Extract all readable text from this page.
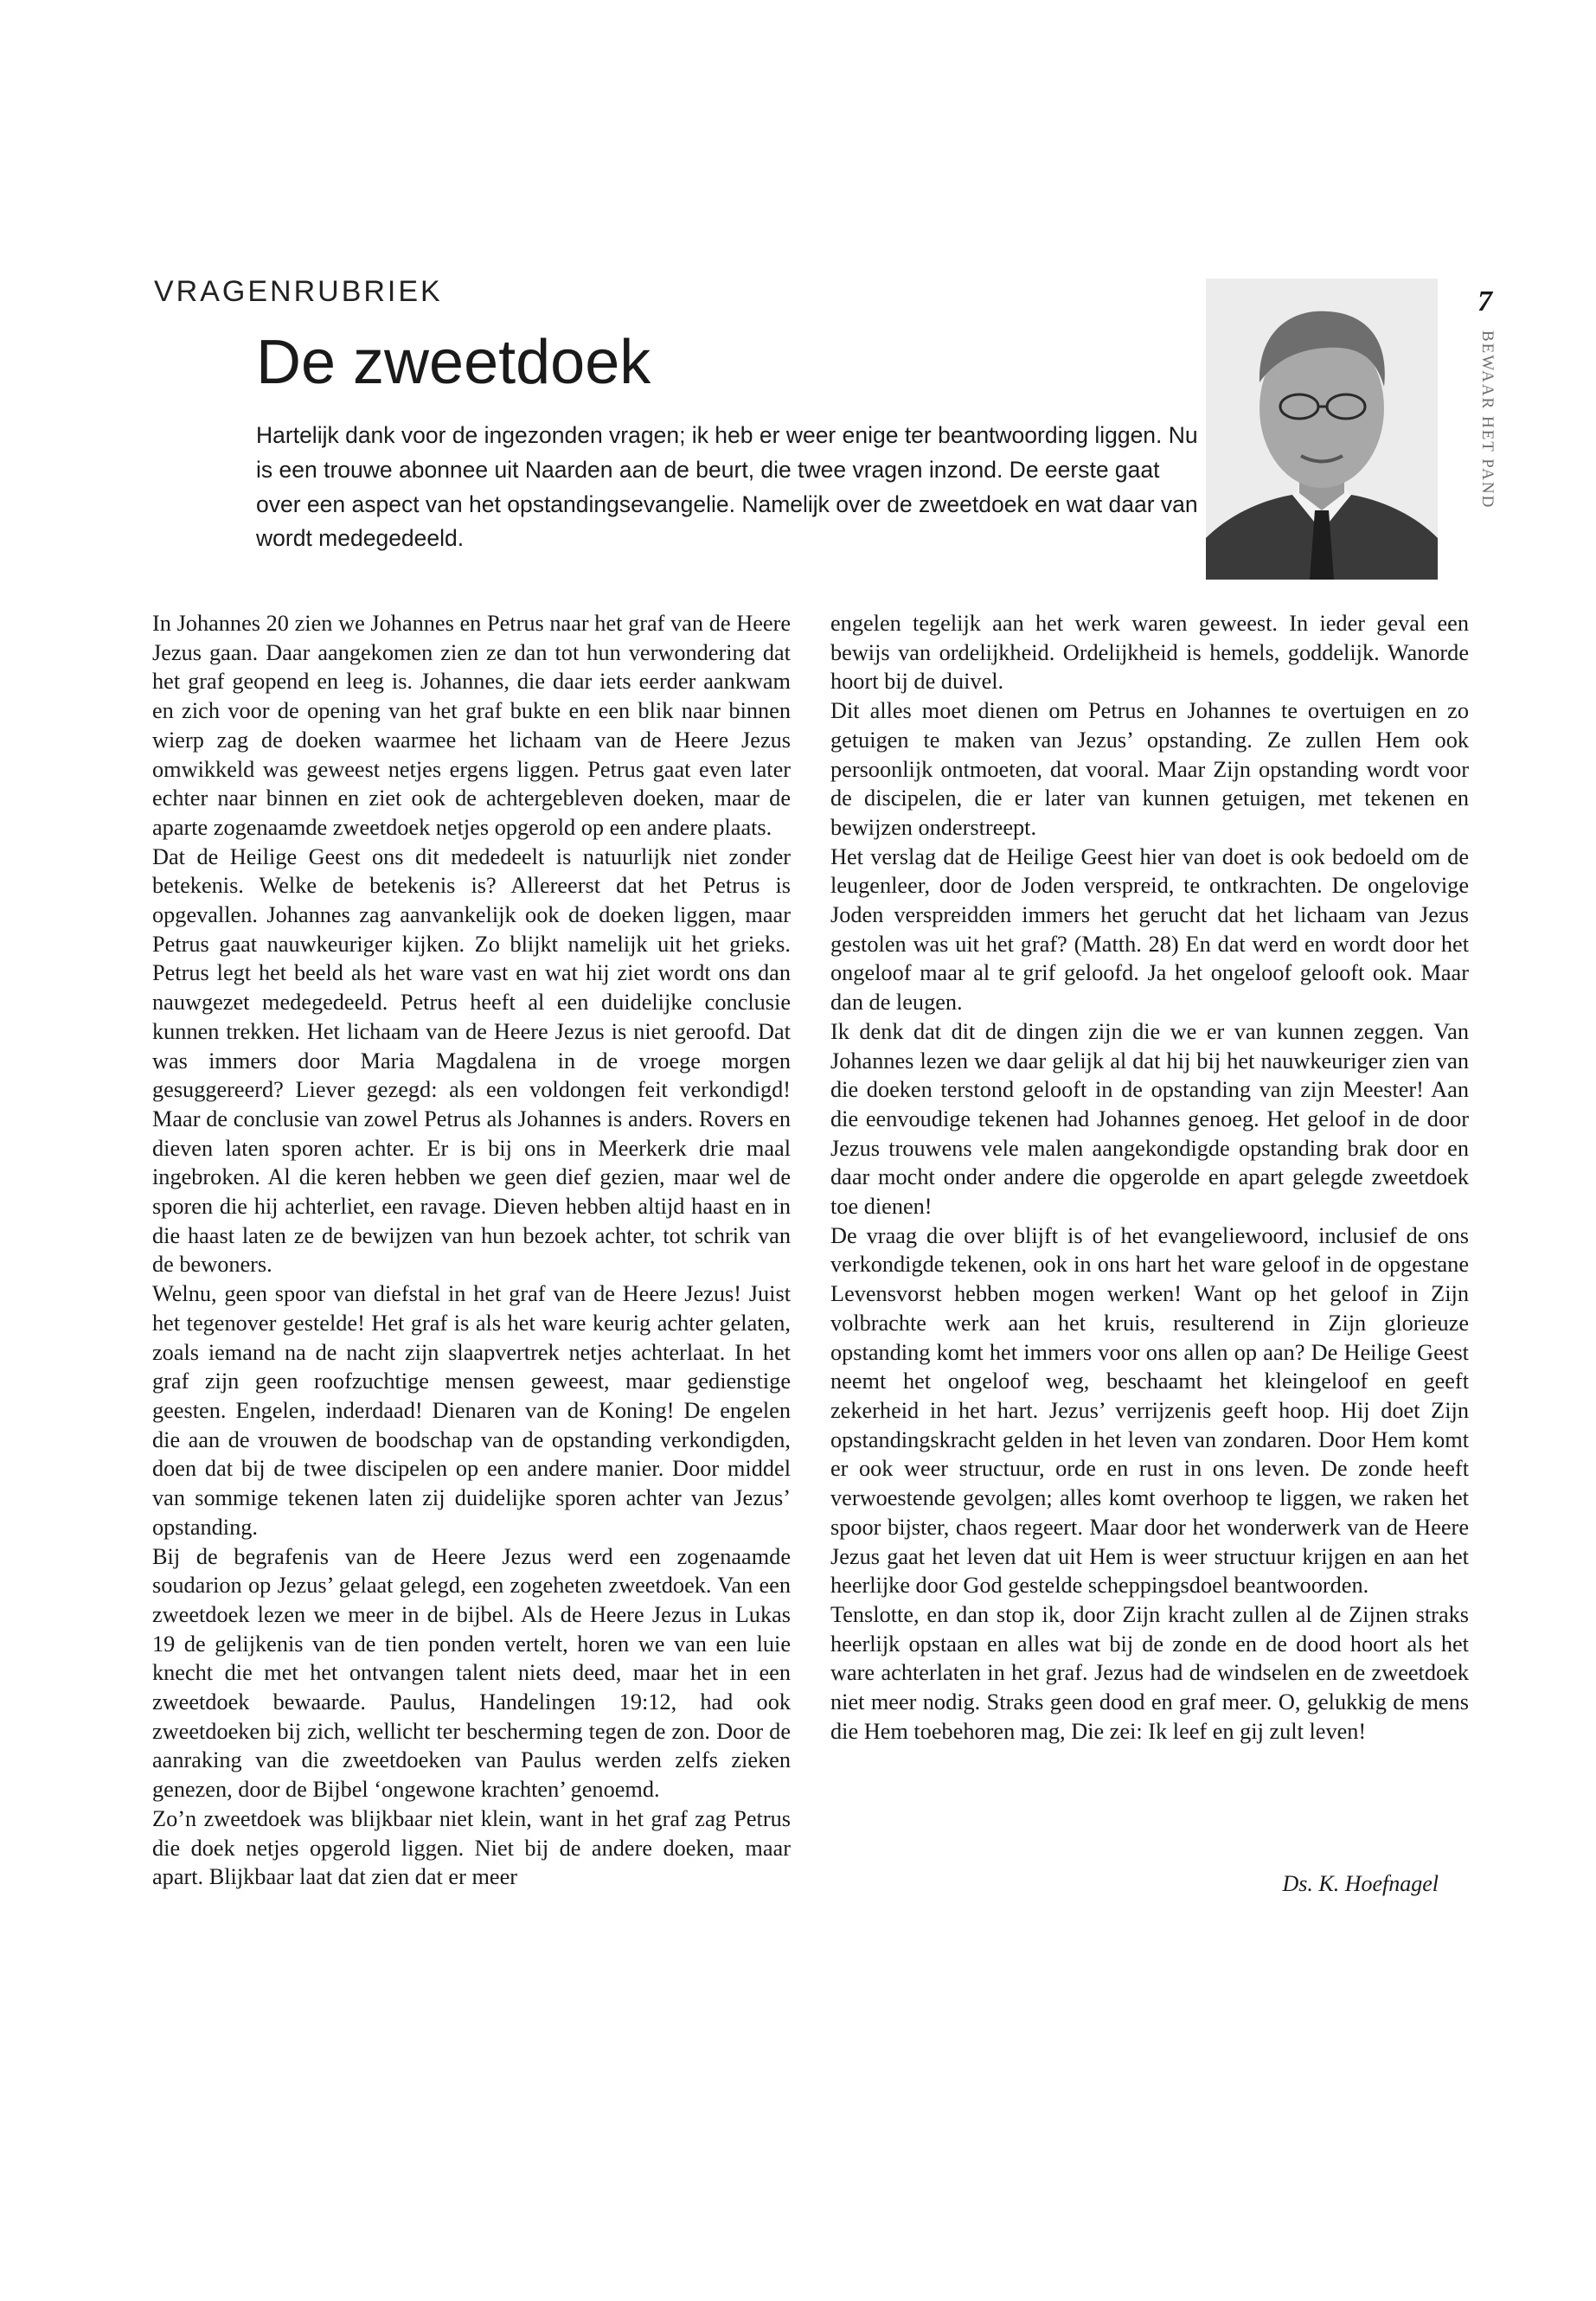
VRAGENRUBRIEK
De zweetdoek

Hartelijk dank voor de ingezonden vragen; ik heb er weer enige ter beantwoording liggen. Nu is een trouwe abonnee uit Naarden aan de beurt, die twee vragen inzond. De eerste gaat over een aspect van het opstandingsevangelie. Namelijk over de zweetdoek en wat daar van wordt medegedeeld.

7
BEWAAR HET PAND

In Johannes 20 zien we Johannes en Petrus naar het graf van de Heere Jezus gaan. Daar aangekomen zien ze dan tot hun verwondering dat het graf geopend en leeg is. Johannes, die daar iets eerder aankwam en zich voor de opening van het graf bukte en een blik naar binnen wierp zag de doeken waarmee het lichaam van de Heere Jezus omwikkeld was geweest netjes ergens liggen. Petrus gaat even later echter naar binnen en ziet ook de achtergebleven doeken, maar de aparte zogenaamde zweetdoek netjes opgerold op een andere plaats.

Dat de Heilige Geest ons dit mededeelt is natuurlijk niet zonder betekenis. Welke de betekenis is? Allereerst dat het Petrus is opgevallen. Johannes zag aanvankelijk ook de doeken liggen, maar Petrus gaat nauwkeuriger kijken. Zo blijkt namelijk uit het grieks. Petrus legt het beeld als het ware vast en wat hij ziet wordt ons dan nauwgezet medegedeeld. Petrus heeft al een duidelijke conclusie kunnen trekken. Het lichaam van de Heere Jezus is niet geroofd. Dat was immers door Maria Magdalena in de vroege morgen gesuggereerd? Liever gezegd: als een voldongen feit verkondigd! Maar de conclusie van zowel Petrus als Johannes is anders. Rovers en dieven laten sporen achter. Er is bij ons in Meerkerk drie maal ingebroken. Al die keren hebben we geen dief gezien, maar wel de sporen die hij achterliet, een ravage. Dieven hebben altijd haast en in die haast laten ze de bewijzen van hun bezoek achter, tot schrik van de bewoners.

Welnu, geen spoor van diefstal in het graf van de Heere Jezus! Juist het tegenover gestelde! Het graf is als het ware keurig achter gelaten, zoals iemand na de nacht zijn slaapvertrek netjes achterlaat. In het graf zijn geen roofzuchtige mensen geweest, maar gedienstige geesten. Engelen, inderdaad! Dienaren van de Koning! De engelen die aan de vrouwen de boodschap van de opstanding verkondigden, doen dat bij de twee discipelen op een andere manier. Door middel van sommige tekenen laten zij duidelijke sporen achter van Jezus’ opstanding.

Bij de begrafenis van de Heere Jezus werd een zogenaamde soudarion op Jezus’ gelaat gelegd, een zogeheten zweetdoek. Van een zweetdoek lezen we meer in de bijbel. Als de Heere Jezus in Lukas 19 de gelijkenis van de tien ponden vertelt, horen we van een luie knecht die met het ontvangen talent niets deed, maar het in een zweetdoek bewaarde. Paulus, Handelingen 19:12, had ook zweetdoeken bij zich, wellicht ter bescherming tegen de zon. Door de aanraking van die zweetdoeken van Paulus werden zelfs zieken genezen, door de Bijbel ‘ongewone krachten’ genoemd.

Zo’n zweetdoek was blijkbaar niet klein, want in het graf zag Petrus die doek netjes opgerold liggen. Niet bij de andere doeken, maar apart. Blijkbaar laat dat zien dat er meer

engelen tegelijk aan het werk waren geweest. In ieder geval een bewijs van ordelijkheid. Ordelijkheid is hemels, goddelijk. Wanorde hoort bij de duivel.

Dit alles moet dienen om Petrus en Johannes te overtuigen en zo getuigen te maken van Jezus’ opstanding. Ze zullen Hem ook persoonlijk ontmoeten, dat vooral. Maar Zijn opstanding wordt voor de discipelen, die er later van kunnen getuigen, met tekenen en bewijzen onderstreept.

Het verslag dat de Heilige Geest hier van doet is ook bedoeld om de leugenleer, door de Joden verspreid, te ontkrachten. De ongelovige Joden verspreidden immers het gerucht dat het lichaam van Jezus gestolen was uit het graf? (Matth. 28) En dat werd en wordt door het ongeloof maar al te grif geloofd. Ja het ongeloof gelooft ook. Maar dan de leugen.

Ik denk dat dit de dingen zijn die we er van kunnen zeggen. Van Johannes lezen we daar gelijk al dat hij bij het nauwkeuriger zien van die doeken terstond gelooft in de opstanding van zijn Meester! Aan die eenvoudige tekenen had Johannes genoeg. Het geloof in de door Jezus trouwens vele malen aangekondigde opstanding brak door en daar mocht onder andere die opgerolde en apart gelegde zweetdoek toe dienen!

De vraag die over blijft is of het evangeliewoord, inclusief de ons verkondigde tekenen, ook in ons hart het ware geloof in de opgestane Levensvorst hebben mogen werken! Want op het geloof in Zijn volbrachte werk aan het kruis, resulterend in Zijn glorieuze opstanding komt het immers voor ons allen op aan? De Heilige Geest neemt het ongeloof weg, beschaamt het kleingeloof en geeft zekerheid in het hart. Jezus’ verrijzenis geeft hoop. Hij doet Zijn opstandingskracht gelden in het leven van zondaren. Door Hem komt er ook weer structuur, orde en rust in ons leven. De zonde heeft verwoestende gevolgen; alles komt overhoop te liggen, we raken het spoor bijster, chaos regeert. Maar door het wonderwerk van de Heere Jezus gaat het leven dat uit Hem is weer structuur krijgen en aan het heerlijke door God gestelde scheppingsdoel beantwoorden.

Tenslotte, en dan stop ik, door Zijn kracht zullen al de Zijnen straks heerlijk opstaan en alles wat bij de zonde en de dood hoort als het ware achterlaten in het graf. Jezus had de windselen en de zweetdoek niet meer nodig. Straks geen dood en graf meer. O, gelukkig de mens die Hem toebehoren mag, Die zei: Ik leef en gij zult leven!

Ds. K. Hoefnagel
